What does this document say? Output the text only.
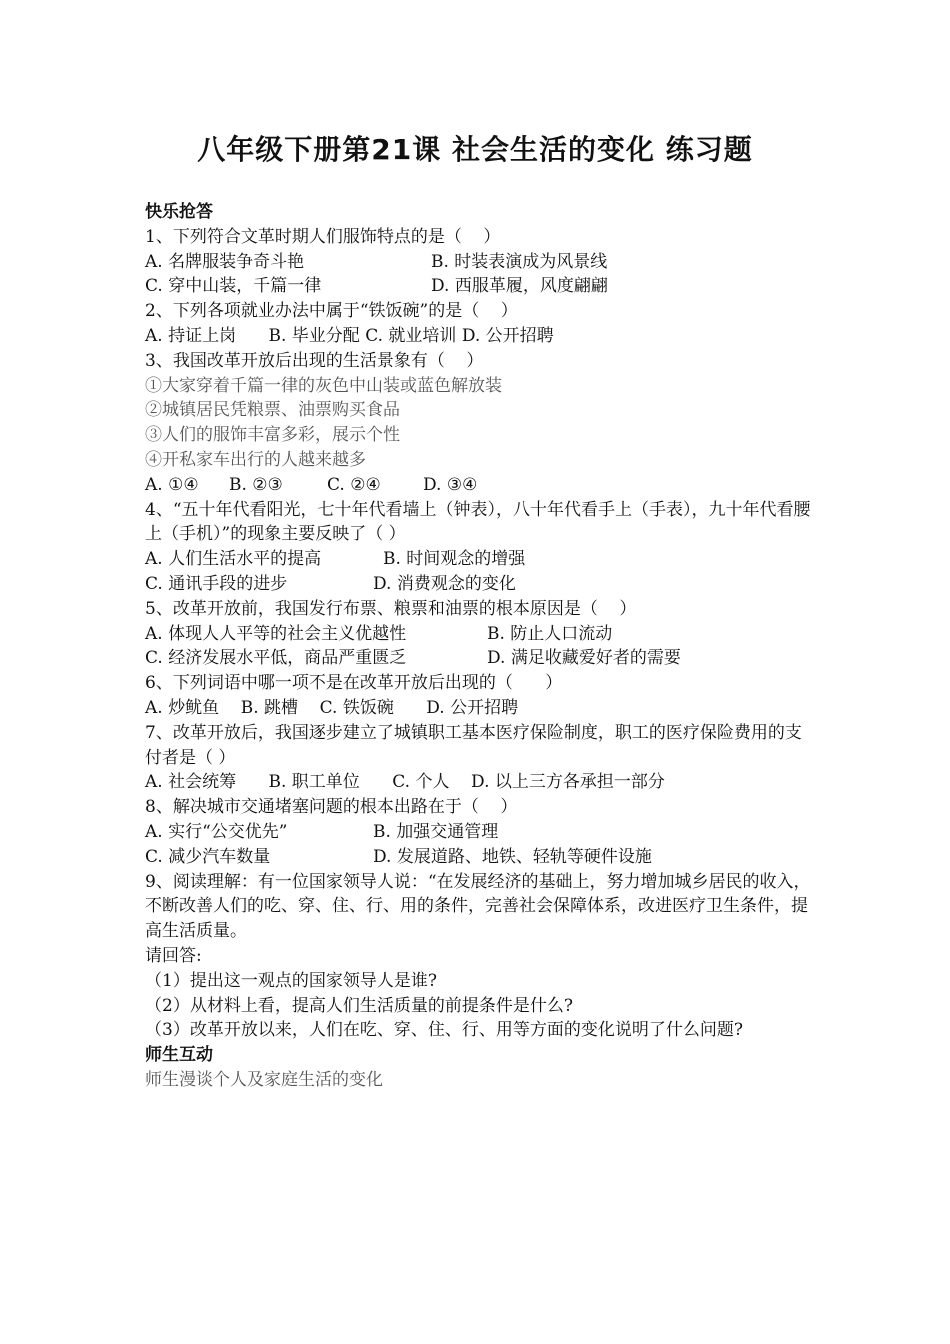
八年级下册第21课 社会生活的变化 练习题
快乐抢答
1、下列符合文革时期人们服饰特点的是（    ）
A. 名牌服装争奇斗艳	B. 时装表演成为风景线
C. 穿中山装，千篇一律	D. 西服革履，风度翩翩
2、下列各项就业办法中属于“铁饭碗”的是（    ）
A. 持证上岗      B. 毕业分配 C. 就业培训 D. 公开招聘
3、我国改革开放后出现的生活景象有（    ）
①大家穿着千篇一律的灰色中山装或蓝色解放装
②城镇居民凭粮票、油票购买食品
③人们的服饰丰富多彩，展示个性
④开私家车出行的人越来越多
A. ①④ B. ②③	C. ②④ D. ③④
4、“五十年代看阳光，七十年代看墙上（钟表），八十年代看手上（手表），九十年代看腰上（手机）”的现象主要反映了（ ）
A. 人们生活水平的提高	B. 时间观念的增强
C. 通讯手段的进步	D. 消费观念的变化
5、改革开放前，我国发行布票、粮票和油票的根本原因是（    ）
A. 体现人人平等的社会主义优越性	B. 防止人口流动
C. 经济发展水平低，商品严重匮乏	D. 满足收藏爱好者的需要
6、下列词语中哪一项不是在改革开放后出现的（      ）
A. 炒鱿鱼    B. 跳槽    C. 铁饭碗      D. 公开招聘
7、改革开放后，我国逐步建立了城镇职工基本医疗保险制度，职工的医疗保险费用的支付者是（ ）
A. 社会统筹      B. 职工单位      C. 个人    D. 以上三方各承担一部分
8、解决城市交通堵塞问题的根本出路在于（    ）
A. 实行“公交优先”	B. 加强交通管理
C. 减少汽车数量	D. 发展道路、地铁、轻轨等硬件设施
9、阅读理解：有一位国家领导人说：“在发展经济的基础上，努力增加城乡居民的收入，不断改善人们的吃、穿、住、行、用的条件，完善社会保障体系，改进医疗卫生条件，提高生活质量。
请回答:
（1）提出这一观点的国家领导人是谁?
（2）从材料上看，提高人们生活质量的前提条件是什么?
（3）改革开放以来，人们在吃、穿、住、行、用等方面的变化说明了什么问题?
师生互动
师生漫谈个人及家庭生活的变化
